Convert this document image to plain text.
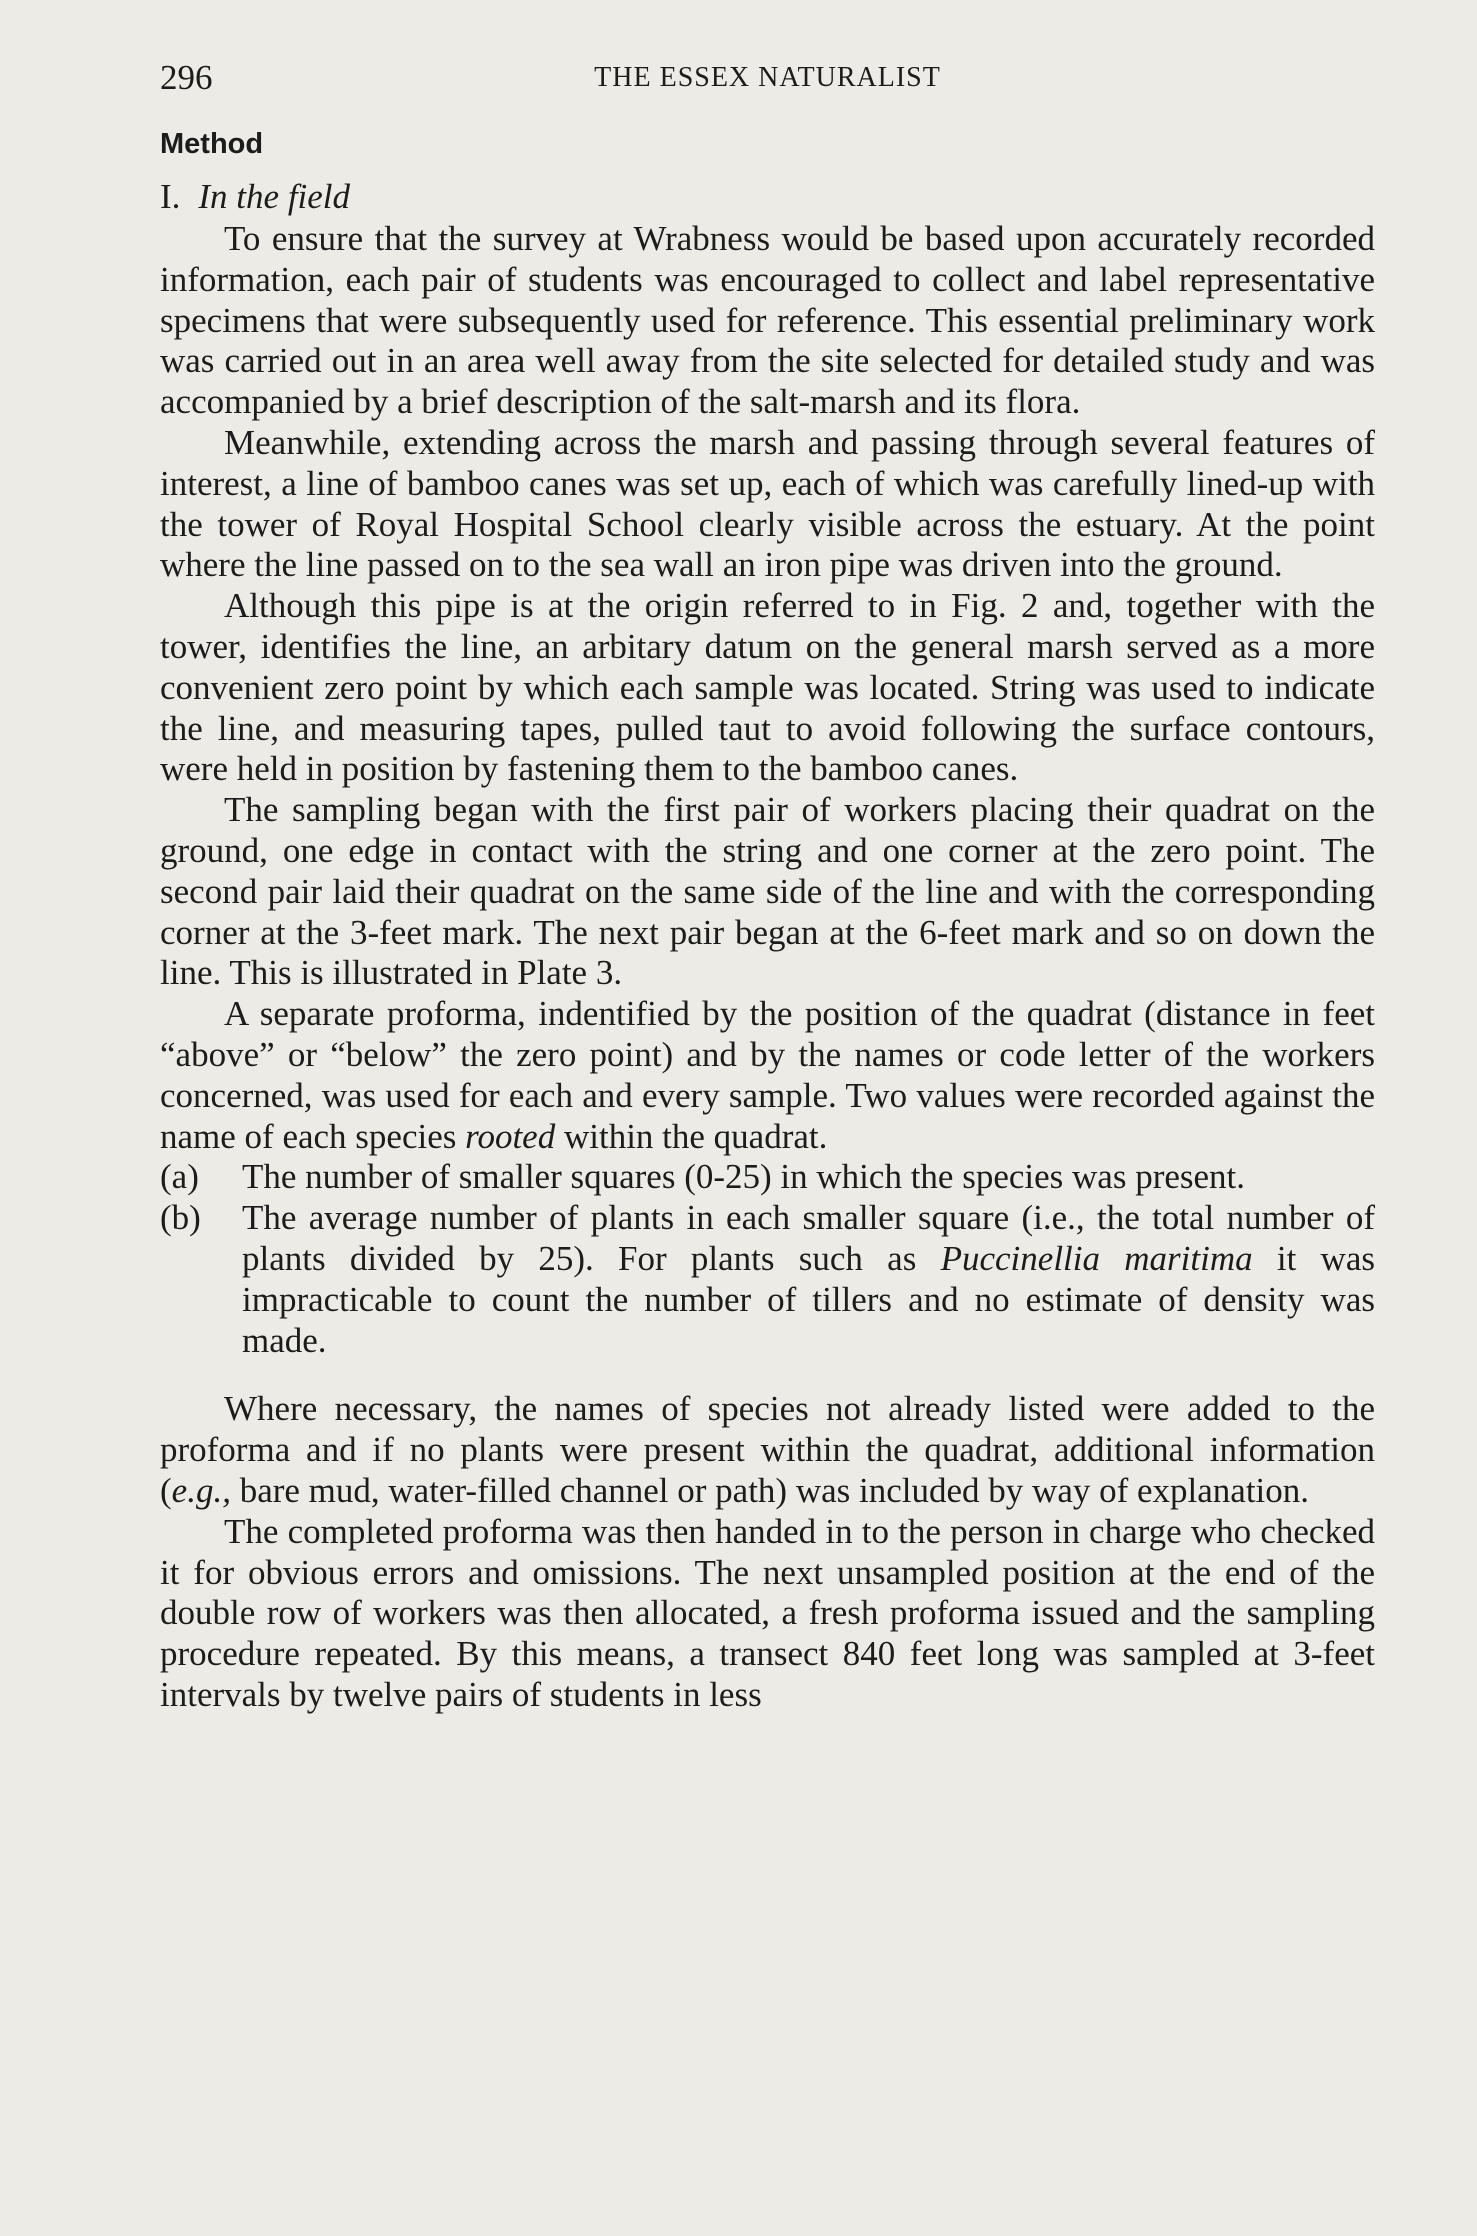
296	THE ESSEX NATURALIST
Method
I. In the field

To ensure that the survey at Wrabness would be based upon accurately recorded information, each pair of students was encouraged to collect and label representative specimens that were subsequently used for reference. This essential preliminary work was carried out in an area well away from the site selected for detailed study and was accompanied by a brief description of the salt-marsh and its flora.

Meanwhile, extending across the marsh and passing through several features of interest, a line of bamboo canes was set up, each of which was carefully lined-up with the tower of Royal Hospital School clearly visible across the estuary. At the point where the line passed on to the sea wall an iron pipe was driven into the ground.

Although this pipe is at the origin referred to in Fig. 2 and, together with the tower, identifies the line, an arbitary datum on the general marsh served as a more convenient zero point by which each sample was located. String was used to indicate the line, and measuring tapes, pulled taut to avoid following the surface contours, were held in position by fastening them to the bamboo canes.

The sampling began with the first pair of workers placing their quadrat on the ground, one edge in contact with the string and one corner at the zero point. The second pair laid their quadrat on the same side of the line and with the corresponding corner at the 3-feet mark. The next pair began at the 6-feet mark and so on down the line. This is illustrated in Plate 3.

A separate proforma, indentified by the position of the quadrat (distance in feet “above” or “below” the zero point) and by the names or code letter of the workers concerned, was used for each and every sample. Two values were recorded against the name of each species rooted within the quadrat.

(a) The number of smaller squares (0-25) in which the species was present.
(b) The average number of plants in each smaller square (i.e., the total number of plants divided by 25). For plants such as Puccinellia maritima it was impracticable to count the number of tillers and no estimate of density was made.

Where necessary, the names of species not already listed were added to the proforma and if no plants were present within the quadrat, additional information (e.g., bare mud, water-filled channel or path) was included by way of explanation.

The completed proforma was then handed in to the person in charge who checked it for obvious errors and omissions. The next unsampled position at the end of the double row of workers was then allocated, a fresh proforma issued and the sampling procedure repeated. By this means, a transect 840 feet long was sampled at 3-feet intervals by twelve pairs of students in less
